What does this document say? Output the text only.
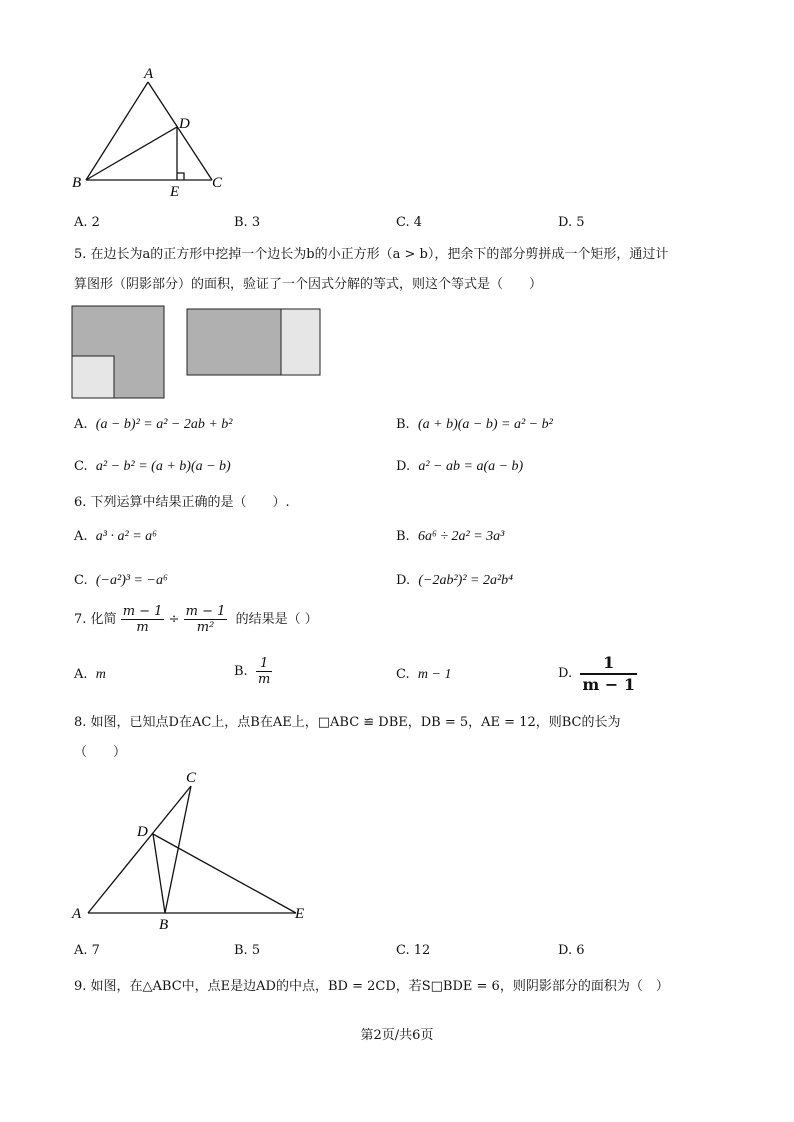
A
D
B
E
C
A. 2	B. 3	C. 4	D. 5
5. 在边长为a的正方形中挖掉一个边长为b的小正方形（a > b），把余下的部分剪拼成一个矩形，通过计
算图形（阴影部分）的面积，验证了一个因式分解的等式，则这个等式是（　　）
A. (a − b)² = a² − 2ab + b²	B. (a + b)(a − b) = a² − b²
C. a² − b² = (a + b)(a − b)	D. a² − ab = a(a − b)
6. 下列运算中结果正确的是（　　）.
A. a³ · a² = a⁶	B. 6a⁶ ÷ 2a² = 3a³
C. (−a²)³ = −a⁶	D. (−2ab²)² = 2a²b⁴
7. 化简 $\frac{m - 1}{m} \div \frac{m - 1}{\text{m²}}$ 的结果是（ ）
A. m	B. $\frac{1}{m}$	C. m − 1	D. $\frac{1}{m - 1}$
8. 如图，已知点D在AC上，点B在AE上，□ABC ≌ DBE，DB = 5，AE = 12，则BC的长为
（　　）
C
D
A
B
E
A. 7	B. 5	C. 12	D. 6
9. 如图，在△ABC中，点E是边AD的中点，BD = 2CD，若S□BDE = 6，则阴影部分的面积为（　）
第2页/共6页
